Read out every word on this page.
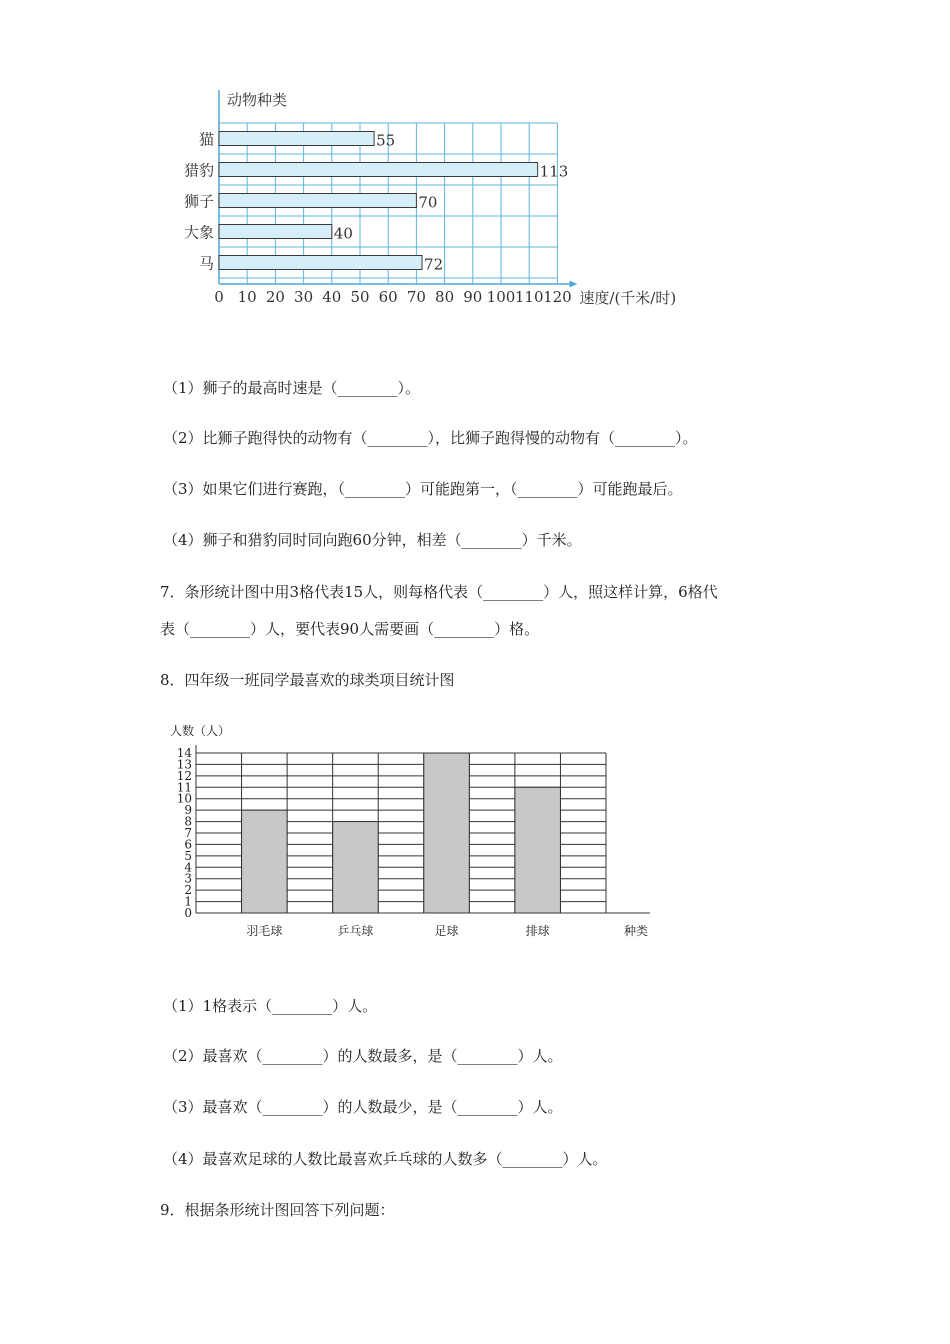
动物种类
速度/(千米/时)
猫	55
猎豹	113
狮子	70
大象	40
马	72
0 10 20 30 40 50 60 70 80 90 100 110 120
（1）狮子的最高时速是（________）。
（2）比狮子跑得快的动物有（________），比狮子跑得慢的动物有（________）。
（3）如果它们进行赛跑，（________）可能跑第一，（________）可能跑最后。
（4）狮子和猎豹同时同向跑60分钟，相差（________）千米。
7．条形统计图中用3格代表15人，则每格代表（________）人，照这样计算，6格代
表（________）人，要代表90人需要画（________）格。
8．四年级一班同学最喜欢的球类项目统计图
人数（人）
种类
羽毛球	乒乓球	足球	排球
0
1
2
3
4
5
6
7
8
9
10
11
12
13
14
（1）1格表示（________）人。
（2）最喜欢（________）的人数最多，是（________）人。
（3）最喜欢（________）的人数最少，是（________）人。
（4）最喜欢足球的人数比最喜欢乒乓球的人数多（________）人。
9．根据条形统计图回答下列问题：
